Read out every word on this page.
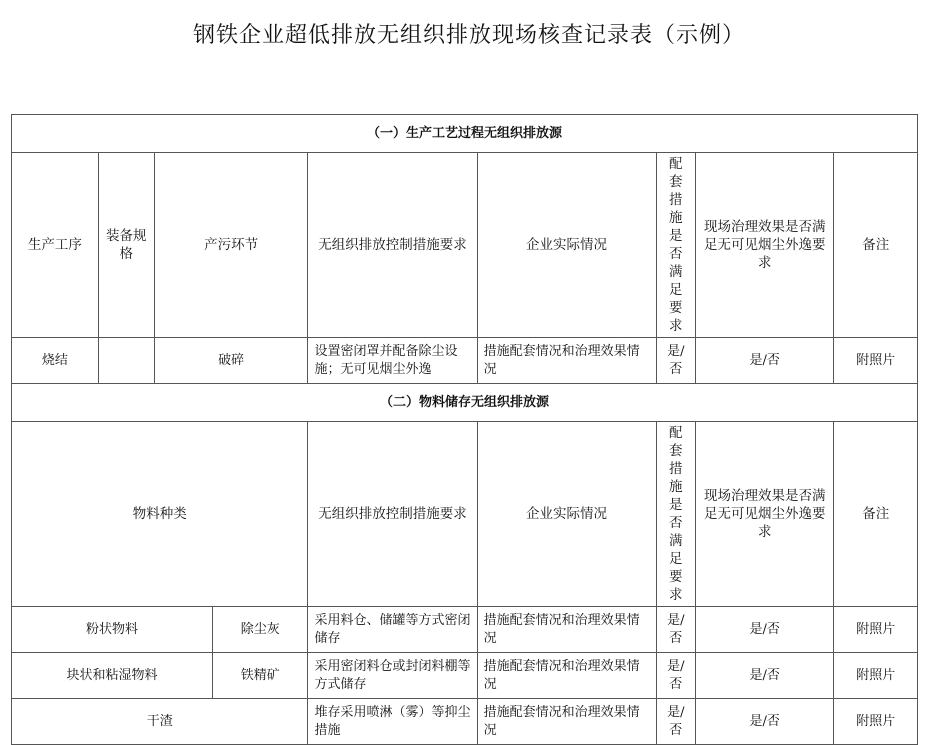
钢铁企业超低排放无组织排放现场核查记录表（示例）
（一）生产工艺过程无组织排放源								
生产工序	装备规格	产污环节		无组织排放控制措施要求	企业实际情况	配套措施是否满足要求	现场治理效果是否满足无可见烟尘外逸要求	备注
烧结		破碎		设置密闭罩并配备除尘设施；无可见烟尘外逸	措施配套情况和治理效果情况	是/否	是/否	附照片
（二）物料储存无组织排放源								
物料种类				无组织排放控制措施要求	企业实际情况	配套措施是否满足要求	现场治理效果是否满足无可见烟尘外逸要求	备注
粉状物料			除尘灰	采用料仓、储罐等方式密闭储存	措施配套情况和治理效果情况	是/否	是/否	附照片
块状和粘湿物料			铁精矿	采用密闭料仓或封闭料棚等方式储存	措施配套情况和治理效果情况	是/否	是/否	附照片
干渣				堆存采用喷淋（雾）等抑尘措施	措施配套情况和治理效果情况	是/否	是/否	附照片
